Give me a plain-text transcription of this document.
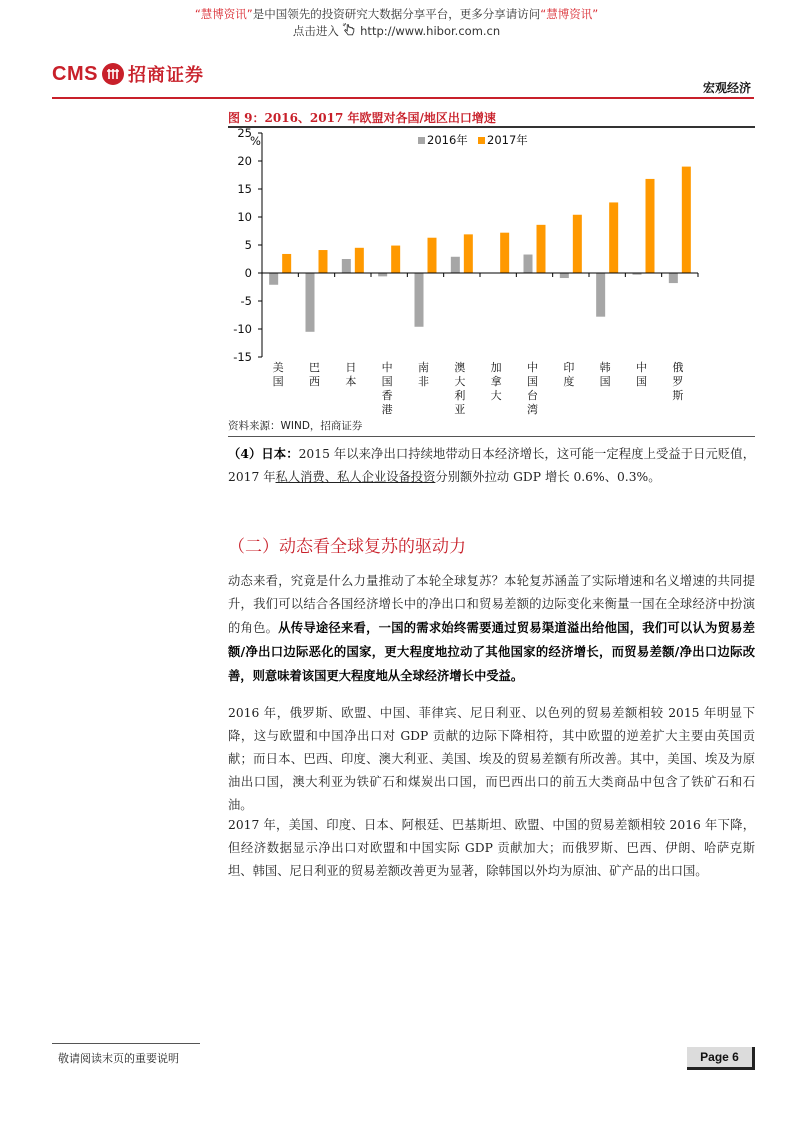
“慧博资讯”是中国领先的投资研究大数据分享平台，更多分享请访问“慧博资讯”
点击进入 http://www.hibor.com.cn
CMS 招商证券
宏观经济
图 9：2016、2017 年欧盟对各国/地区出口增速
25
20
15
10
5
0
-5
-10
-15
%
美
国
巴
西
日
本
中
国
香
港
南
非
澳
大
利
亚
加
拿
大
中
国
台
湾
印
度
韩
国
中
国
俄
罗
斯
2016年 2017年
资料来源：WIND，招商证券
（4）日本：2015 年以来净出口持续地带动日本经济增长，这可能一定程度上受益于日元贬值，2017 年私人消费、私人企业设备投资分别额外拉动 GDP 增长 0.6%、0.3%。
（二）动态看全球复苏的驱动力
动态来看，究竟是什么力量推动了本轮全球复苏？本轮复苏涵盖了实际增速和名义增速的共同提升，我们可以结合各国经济增长中的净出口和贸易差额的边际变化来衡量一国在全球经济中扮演的角色。从传导途径来看，一国的需求始终需要通过贸易渠道溢出给他国，我们可以认为贸易差额/净出口边际恶化的国家，更大程度地拉动了其他国家的经济增长，而贸易差额/净出口边际改善，则意味着该国更大程度地从全球经济增长中受益。
2016 年，俄罗斯、欧盟、中国、菲律宾、尼日利亚、以色列的贸易差额相较 2015 年明显下降，这与欧盟和中国净出口对 GDP 贡献的边际下降相符，其中欧盟的逆差扩大主要由英国贡献；而日本、巴西、印度、澳大利亚、美国、埃及的贸易差额有所改善。其中，美国、埃及为原油出口国，澳大利亚为铁矿石和煤炭出口国，而巴西出口的前五大类商品中包含了铁矿石和石油。
2017 年，美国、印度、日本、阿根廷、巴基斯坦、欧盟、中国的贸易差额相较 2016 年下降，但经济数据显示净出口对欧盟和中国实际 GDP 贡献加大；而俄罗斯、巴西、伊朗、哈萨克斯坦、韩国、尼日利亚的贸易差额改善更为显著，除韩国以外均为原油、矿产品的出口国。
敬请阅读末页的重要说明	Page 6
